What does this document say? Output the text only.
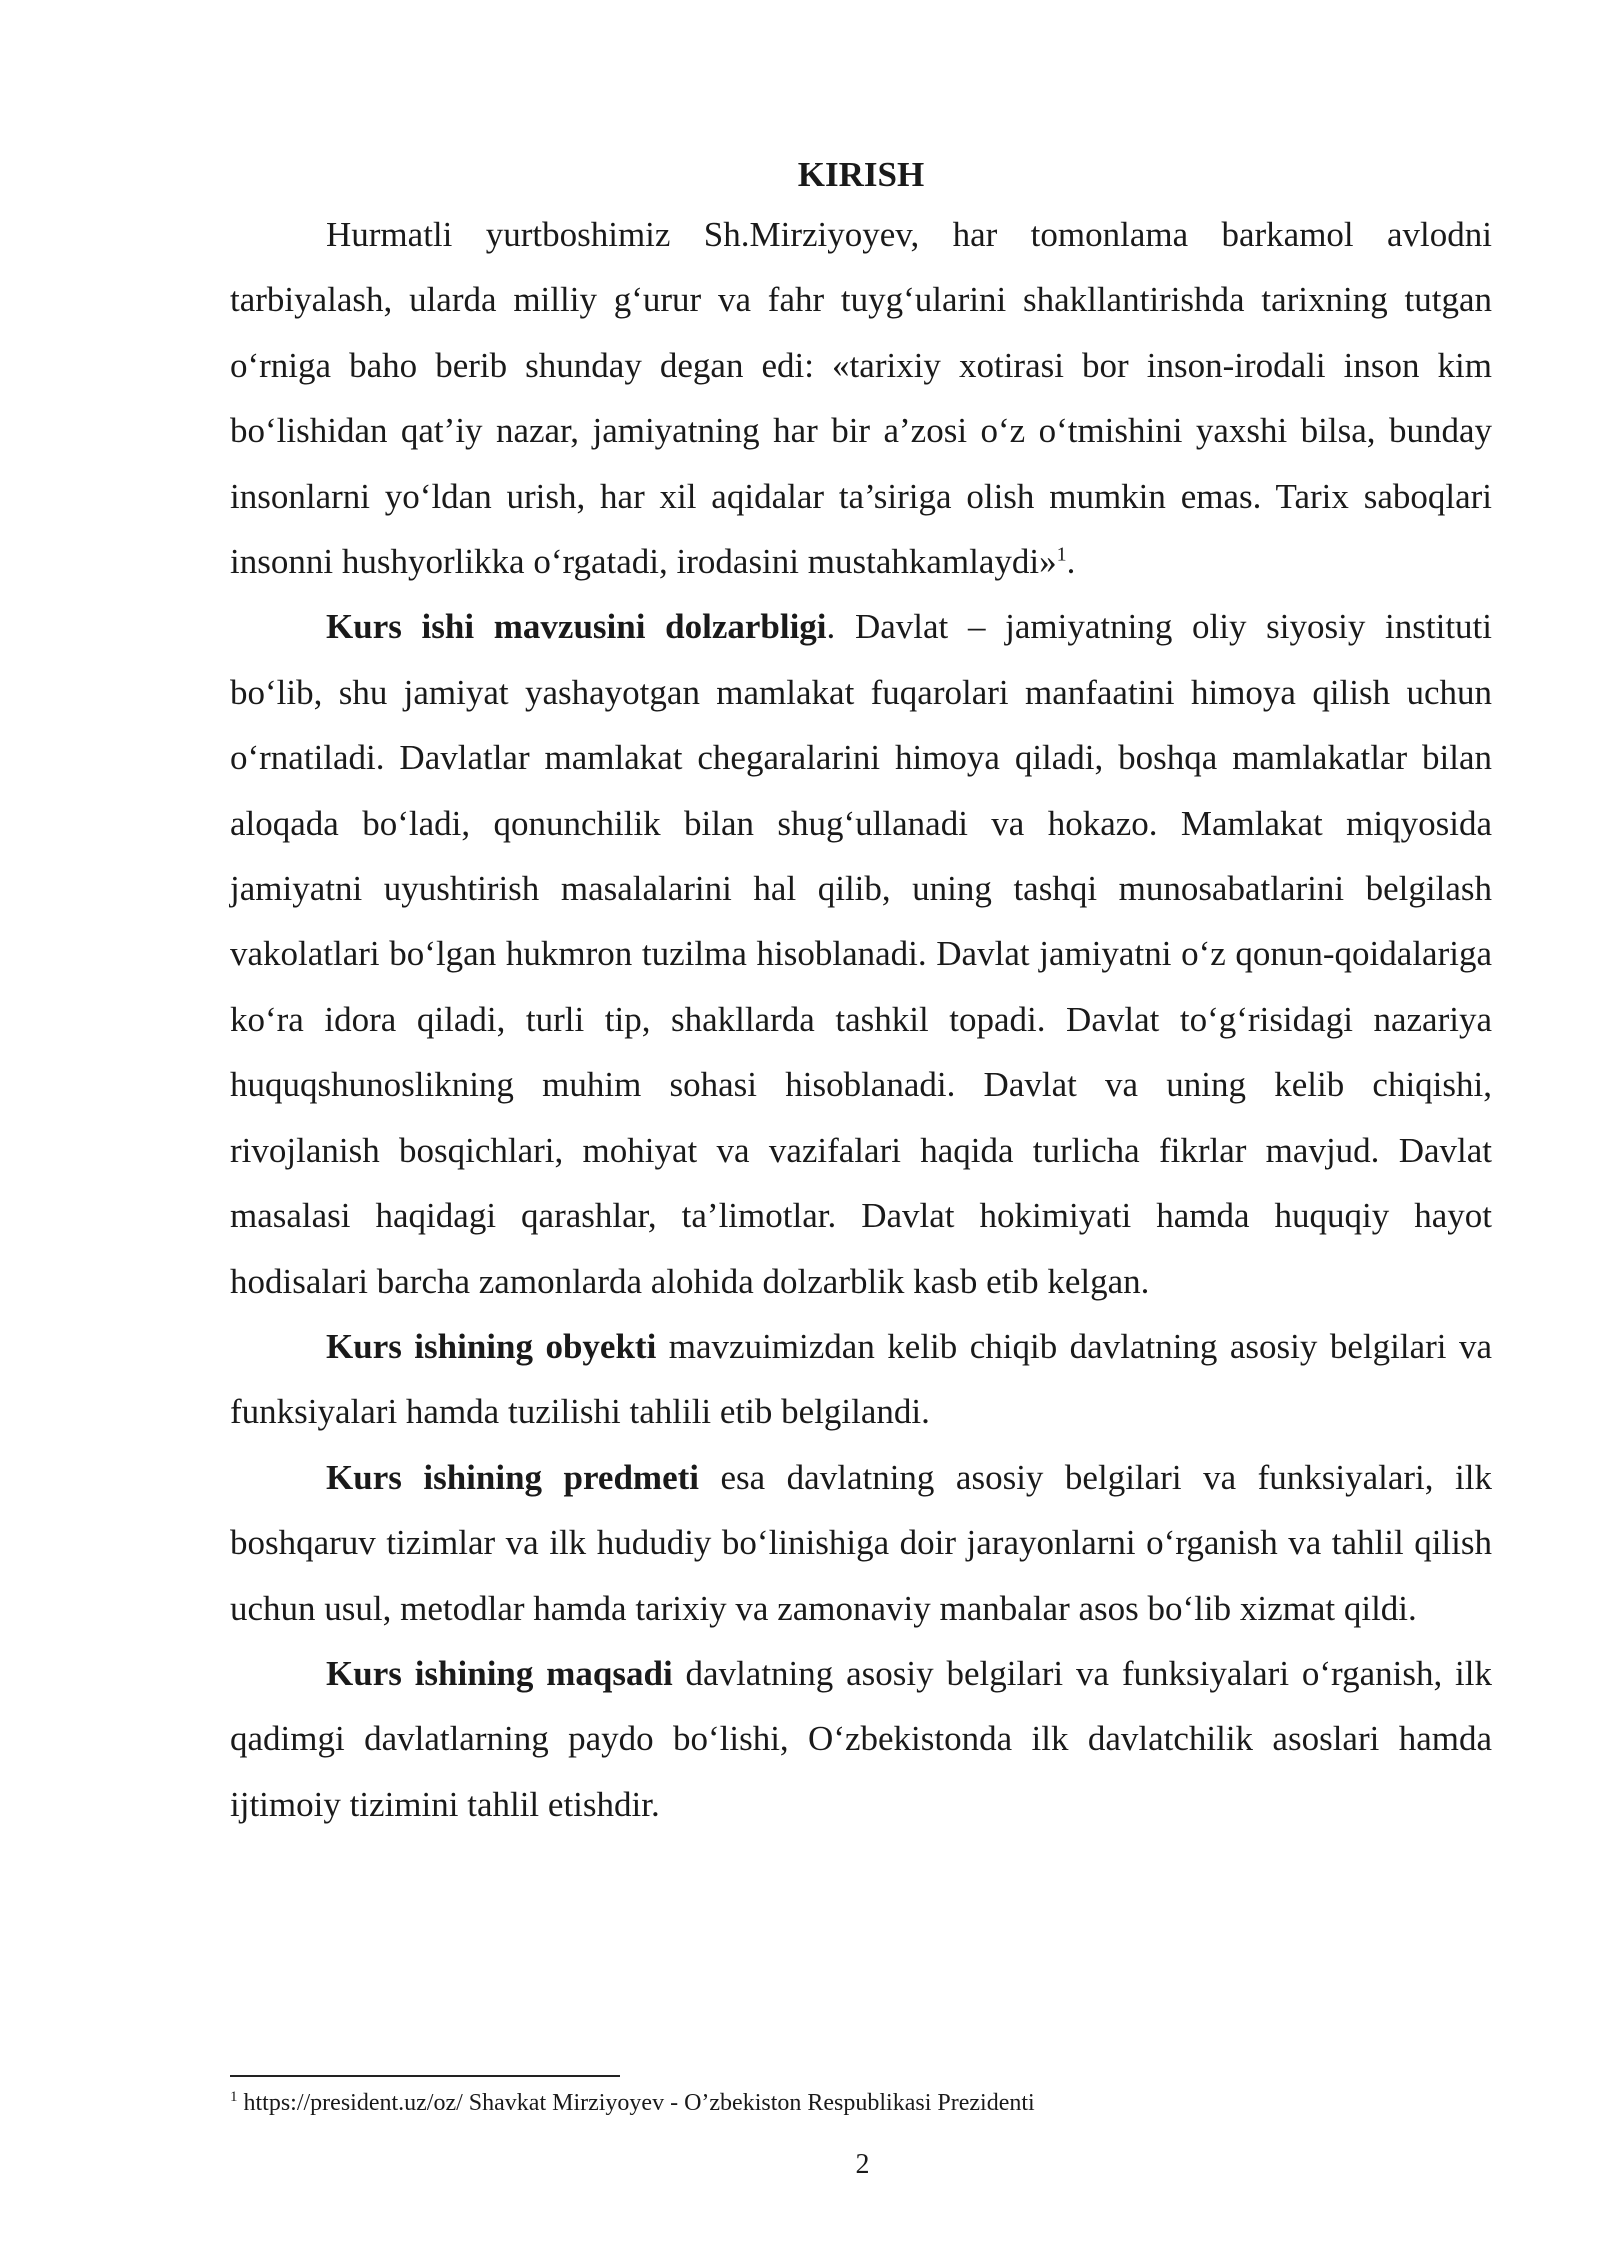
KIRISH

Hurmatli yurtboshimiz Sh.Mirziyoyev, har tomonlama barkamol avlodni tarbiyalash, ularda milliy g‘urur va fahr tuyg‘ularini shakllantirishda tarixning tutgan o‘rniga baho berib shunday degan edi: «tarixiy xotirasi bor inson-irodali inson kim bo‘lishidan qat’iy nazar, jamiyatning har bir a’zosi o‘z o‘tmishini yaxshi bilsa, bunday insonlarni yo‘ldan urish, har xil aqidalar ta’siriga olish mumkin emas. Tarix saboqlari insonni hushyorlikka o‘rgatadi, irodasini mustahkamlaydi»$^1$.

Kurs ishi mavzusini dolzarbligi. Davlat – jamiyatning oliy siyosiy instituti bo‘lib, shu jamiyat yashayotgan mamlakat fuqarolari manfaatini himoya qilish uchun o‘rnatiladi. Davlatlar mamlakat chegaralarini himoya qiladi, boshqa mamlakatlar bilan aloqada bo‘ladi, qonunchilik bilan shug‘ullanadi va hokazo. Mamlakat miqyosida jamiyatni uyushtirish masalalarini hal qilib, uning tashqi munosabatlarini belgilash vakolatlari bo‘lgan hukmron tuzilma hisoblanadi. Davlat jamiyatni o‘z qonun-qoidalariga ko‘ra idora qiladi, turli tip, shakllarda tashkil topadi. Davlat to‘g‘risidagi nazariya huquqshunoslikning muhim sohasi hisoblanadi. Davlat va uning kelib chiqishi, rivojlanish bosqichlari, mohiyat va vazifalari haqida turlicha fikrlar mavjud. Davlat masalasi haqidagi qarashlar, ta’limotlar. Davlat hokimiyati hamda huquqiy hayot hodisalari barcha zamonlarda alohida dolzarblik kasb etib kelgan.

Kurs ishining obyekti mavzuimizdan kelib chiqib davlatning asosiy belgilari va funksiyalari hamda tuzilishi tahlili etib belgilandi.

Kurs ishining predmeti esa davlatning asosiy belgilari va funksiyalari, ilk boshqaruv tizimlar va ilk hududiy bo‘linishiga doir jarayonlarni o‘rganish va tahlil qilish uchun usul, metodlar hamda tarixiy va zamonaviy manbalar asos bo‘lib xizmat qildi.

Kurs ishining maqsadi davlatning asosiy belgilari va funksiyalari o‘rganish, ilk qadimgi davlatlarning paydo bo‘lishi, O‘zbekistonda ilk davlatchilik asoslari hamda ijtimoiy tizimini tahlil etishdir.

$^1$ https://president.uz/oz/ Shavkat Mirziyoyev - O’zbekiston Respublikasi Prezidenti
2
